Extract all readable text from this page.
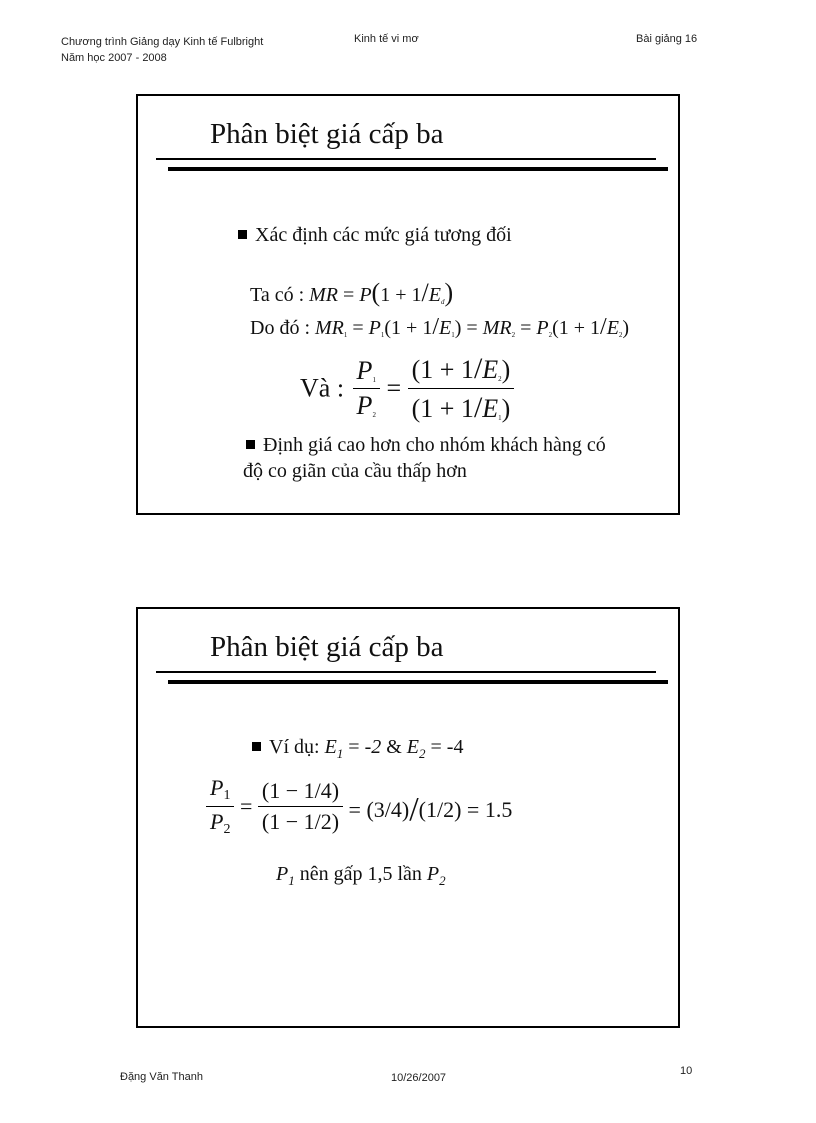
Chương trình Giảng dạy Kinh tế Fulbright
Năm học 2007 - 2008
Kinh tế vi mơ	Bài giảng 16
Phân biệt giá cấp ba
Xác định các mức giá tương đối
Ta có : MR = $P(1 + 1/E_d)$
Do đó : $MR_1 = P_1(1 + 1/E_1) = MR_2 = P_2(1 + 1/E_2)$
Và : $\frac{P_1}{P_2} = \frac{(1 + 1/E_2)}{(1 + 1/E_1)}$
Định giá cao hơn cho nhóm khách hàng có
độ co giãn của cầu thấp hơn
Phân biệt giá cấp ba
Ví dụ: $E_1 = -2$ & $E_2 = -4$
$\frac{P1}{P2} = \frac{(1 - 1/4)}{(1 - 1/2)} = (3/4)/(1/2) = 1.5$
$P_1$ nên gấp 1,5 lần $P_2$
Đặng Văn Thanh	10/26/2007
10
